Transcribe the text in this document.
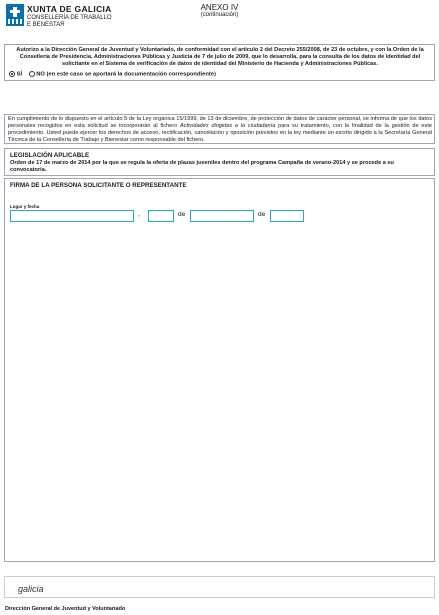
XUNTA DE GALICIA
CONSELLERÍA DE TRABALLO
E BENESTAR
ANEXO IV
(continuación)
Autorizo a la Dirección General de Juventud y Voluntariado, de conformidad con el artículo 2 del Decreto 255/2008, de 23 de octubre, y con la Orden de la Consellería de Presidencia, Administraciones Públicas y Justicia de 7 de julio de 2009, que lo desarrolla, para la consulta de los datos de identidad del solicitante en el Sistema de verificación de datos de identidad del Ministerio de Hacienda y Administraciones Públicas.
SÍ NO (en este caso se aportará la documentación correspondiente)
En cumplimiento de lo dispuesto en el artículo 5 de la Ley orgánica 15/1999, de 13 de diciembre, de protección de datos de carácter personal, se informa de que los datos personales recogidos en esta solicitud se incorporarán al fichero Actividades dirigidas a la ciudadanía para su tratamiento, con la finalidad de la gestión de este procedimiento. Usted puede ejercer los derechos de acceso, rectificación, cancelación y oposición previstos en la ley mediante un escrito dirigido a la Secretaría General Técnica de la Consellería de Trabajo y Bienestar como responsable del fichero.
LEGISLACIÓN APLICABLE
Orden de 17 de marzo de 2014 por la que se regula la oferta de plazas juveniles dentro del programa Campaña de verano-2014 y se procede a su convocatoria.
FIRMA DE LA PERSONA SOLICITANTE O REPRESENTANTE
Lugar y fecha
,	de	de
galicia
Dirección General de Juventud y Voluntariado
